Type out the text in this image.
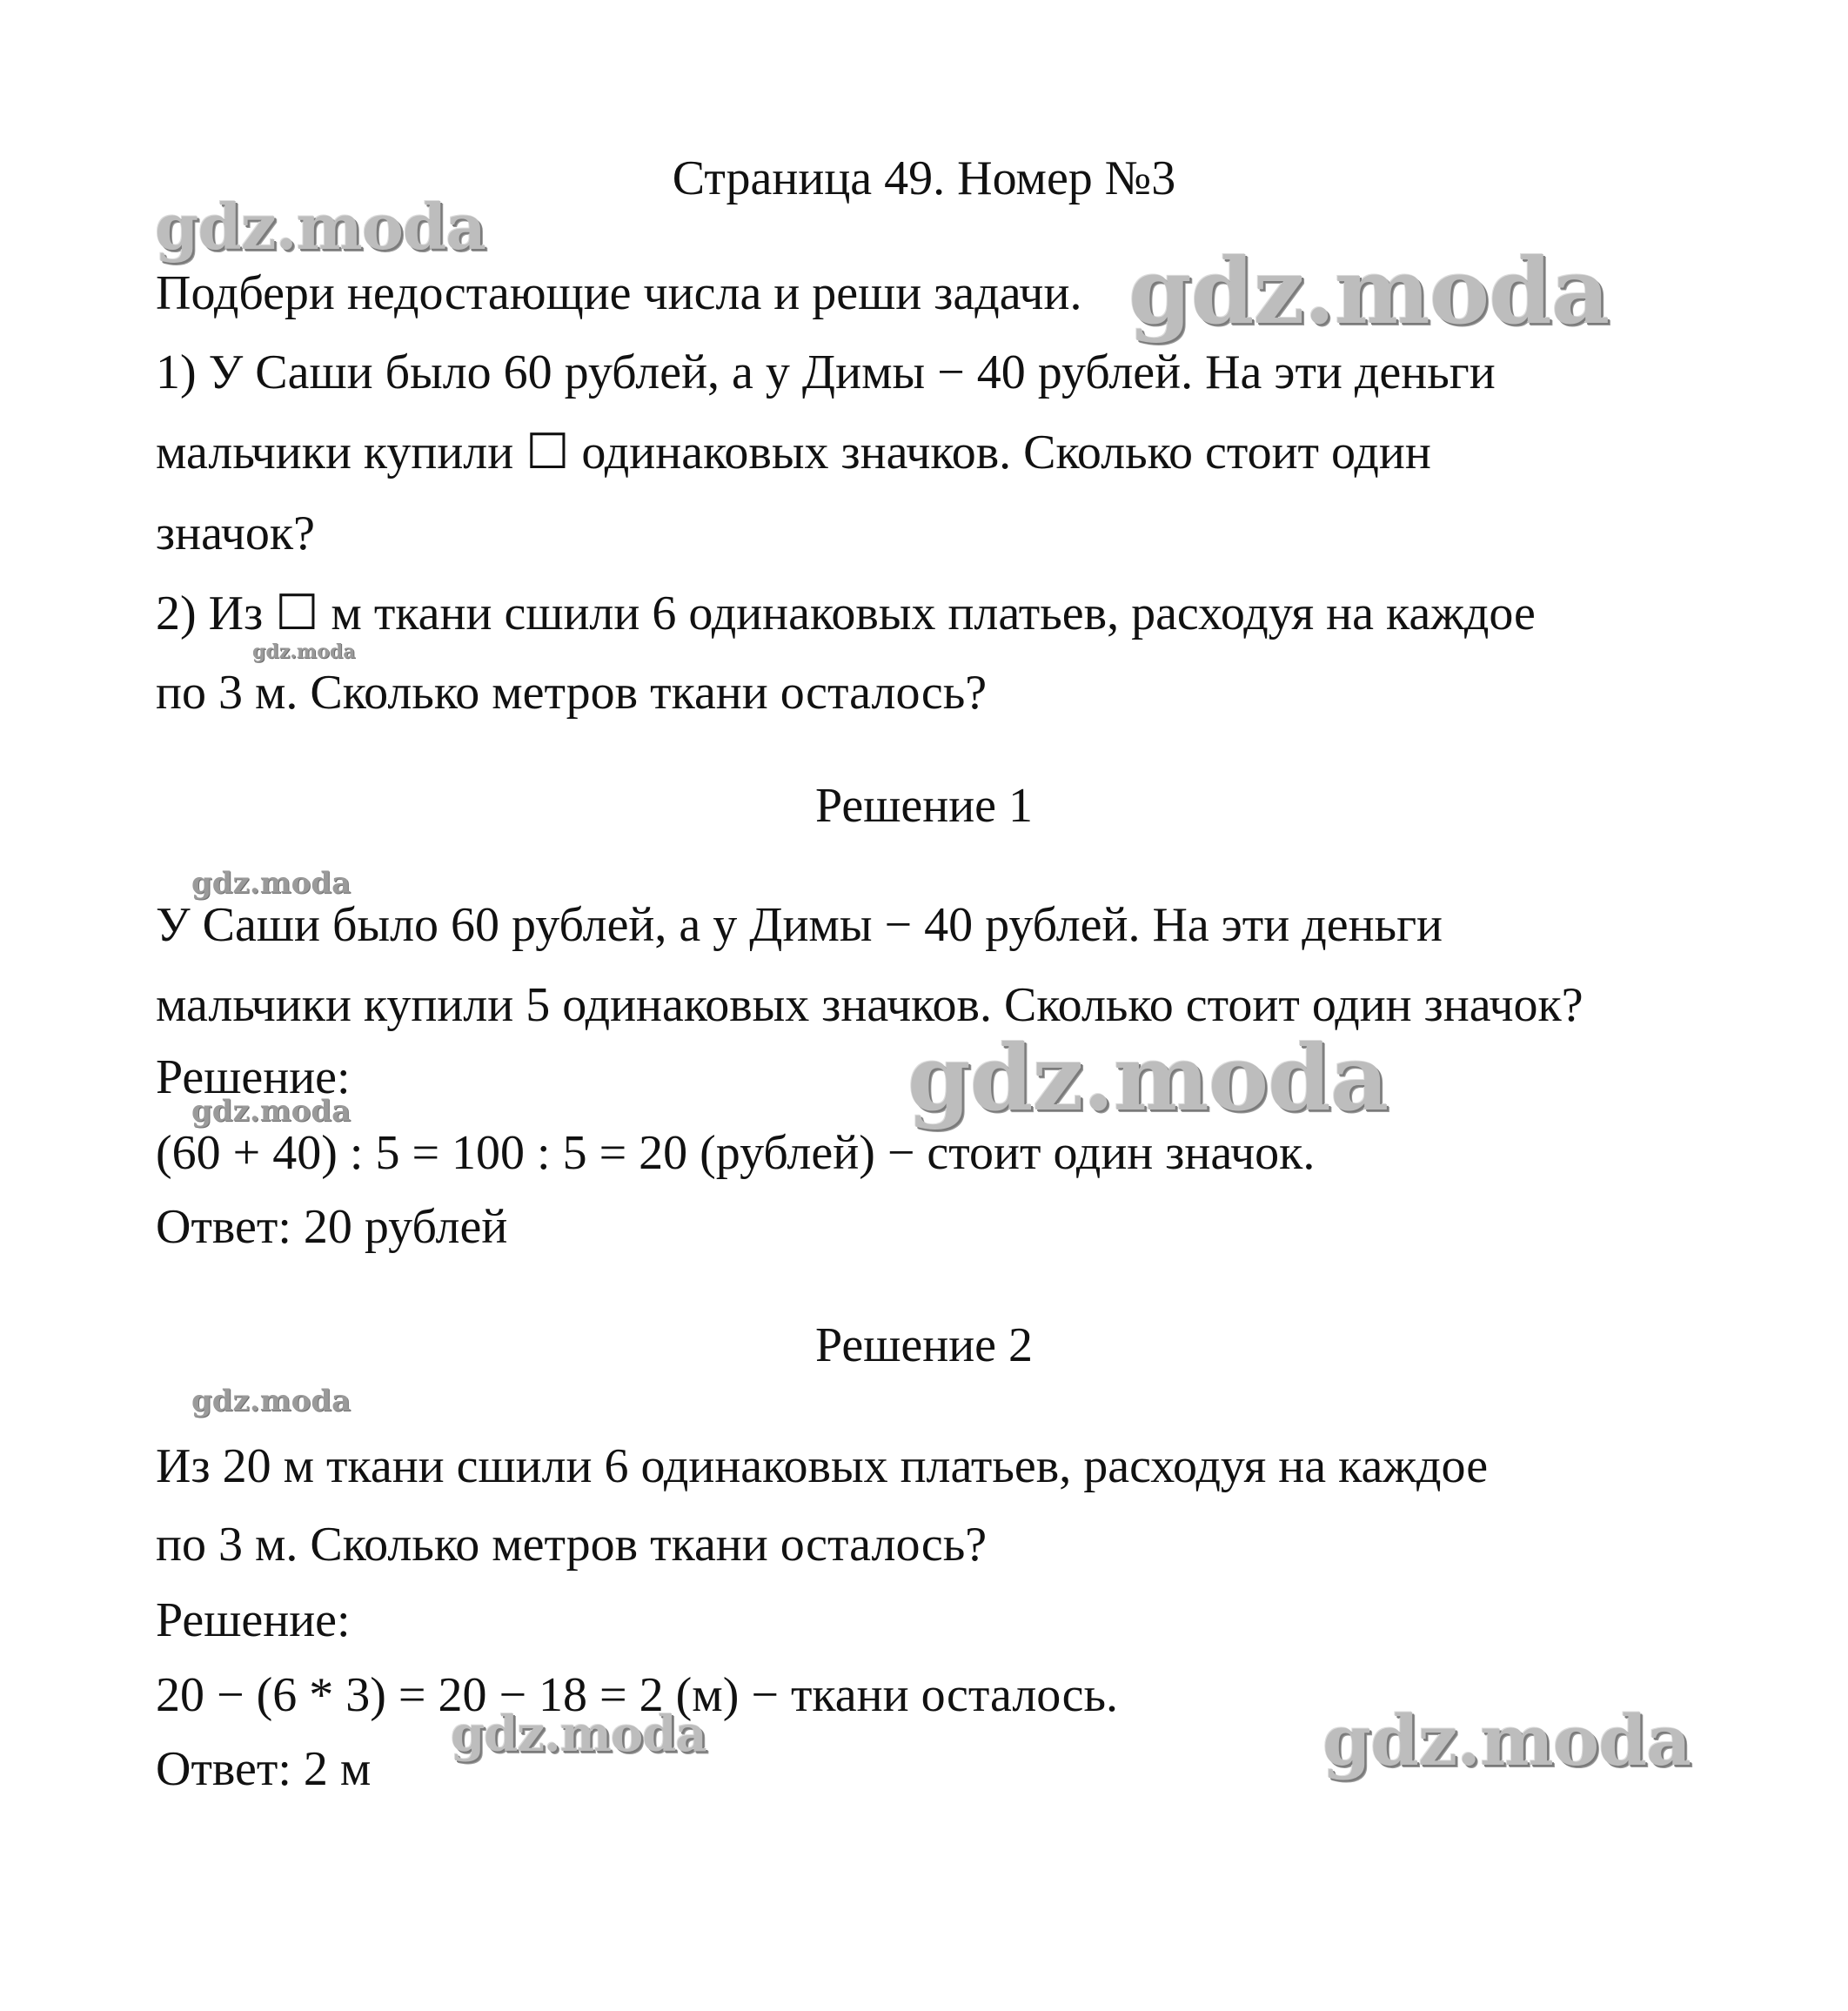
Страница 49. Номер №3
Подбери недостающие числа и реши задачи.
1) У Саши было 60 рублей, а у Димы − 40 рублей. На эти деньги
мальчики купили ☐ одинаковых значков. Сколько стоит один
значок?
2) Из ☐ м ткани сшили 6 одинаковых платьев, расходуя на каждое
по 3 м. Сколько метров ткани осталось?
Решение 1
У Саши было 60 рублей, а у Димы − 40 рублей. На эти деньги
мальчики купили 5 одинаковых значков. Сколько стоит один значок?
Решение:
(60 + 40) : 5 = 100 : 5 = 20 (рублей) − стоит один значок.
Ответ: 20 рублей
Решение 2
Из 20 м ткани сшили 6 одинаковых платьев, расходуя на каждое
по 3 м. Сколько метров ткани осталось?
Решение:
20 − (6 * 3) = 20 − 18 = 2 (м) − ткани осталось.
Ответ: 2 м
gdz.moda
gdz.moda
gdz.moda
gdz.moda
gdz.moda
gdz.moda
gdz.moda
gdz.moda	gdz.moda
